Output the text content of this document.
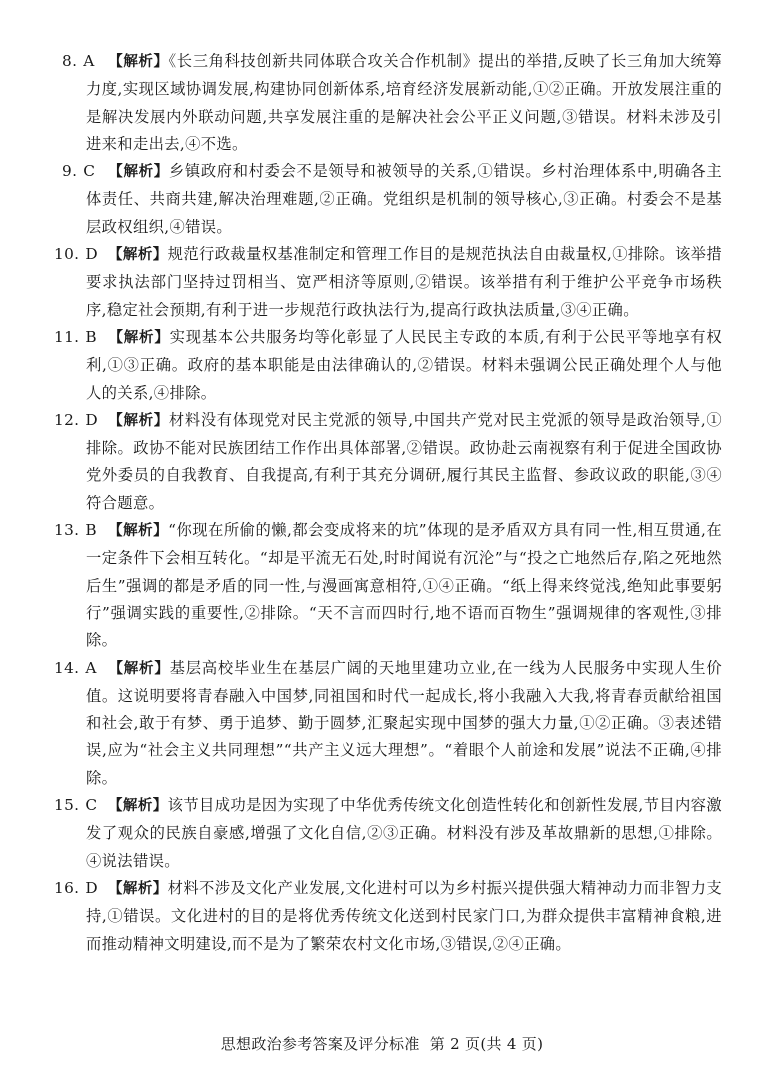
8. A 【解析】《长三角科技创新共同体联合攻关合作机制》提出的举措,反映了长三角加大统筹力度,实现区域协调发展,构建协同创新体系,培育经济发展新动能,①②正确。开放发展注重的是解决发展内外联动问题,共享发展注重的是解决社会公平正义问题,③错误。材料未涉及引进来和走出去,④不选。
9. C 【解析】乡镇政府和村委会不是领导和被领导的关系,①错误。乡村治理体系中,明确各主体责任、共商共建,解决治理难题,②正确。党组织是机制的领导核心,③正确。村委会不是基层政权组织,④错误。
10. D 【解析】规范行政裁量权基准制定和管理工作目的是规范执法自由裁量权,①排除。该举措要求执法部门坚持过罚相当、宽严相济等原则,②错误。该举措有利于维护公平竞争市场秩序,稳定社会预期,有利于进一步规范行政执法行为,提高行政执法质量,③④正确。
11. B 【解析】实现基本公共服务均等化彰显了人民民主专政的本质,有利于公民平等地享有权利,①③正确。政府的基本职能是由法律确认的,②错误。材料未强调公民正确处理个人与他人的关系,④排除。
12. D 【解析】材料没有体现党对民主党派的领导,中国共产党对民主党派的领导是政治领导,①排除。政协不能对民族团结工作作出具体部署,②错误。政协赴云南视察有利于促进全国政协党外委员的自我教育、自我提高,有利于其充分调研,履行其民主监督、参政议政的职能,③④符合题意。
13. B 【解析】“你现在所偷的懒,都会变成将来的坑”体现的是矛盾双方具有同一性,相互贯通,在一定条件下会相互转化。“却是平流无石处,时时闻说有沉沦”与“投之亡地然后存,陷之死地然后生”强调的都是矛盾的同一性,与漫画寓意相符,①④正确。“纸上得来终觉浅,绝知此事要躬行”强调实践的重要性,②排除。“天不言而四时行,地不语而百物生”强调规律的客观性,③排除。
14. A 【解析】基层高校毕业生在基层广阔的天地里建功立业,在一线为人民服务中实现人生价值。这说明要将青春融入中国梦,同祖国和时代一起成长,将小我融入大我,将青春贡献给祖国和社会,敢于有梦、勇于追梦、勤于圆梦,汇聚起实现中国梦的强大力量,①②正确。③表述错误,应为“社会主义共同理想”“共产主义远大理想”。“着眼个人前途和发展”说法不正确,④排除。
15. C 【解析】该节目成功是因为实现了中华优秀传统文化创造性转化和创新性发展,节目内容激发了观众的民族自豪感,增强了文化自信,②③正确。材料没有涉及革故鼎新的思想,①排除。④说法错误。
16. D 【解析】材料不涉及文化产业发展,文化进村可以为乡村振兴提供强大精神动力而非智力支持,①错误。文化进村的目的是将优秀传统文化送到村民家门口,为群众提供丰富精神食粮,进而推动精神文明建设,而不是为了繁荣农村文化市场,③错误,②④正确。
思想政治参考答案及评分标准 第 2 页(共 4 页)
